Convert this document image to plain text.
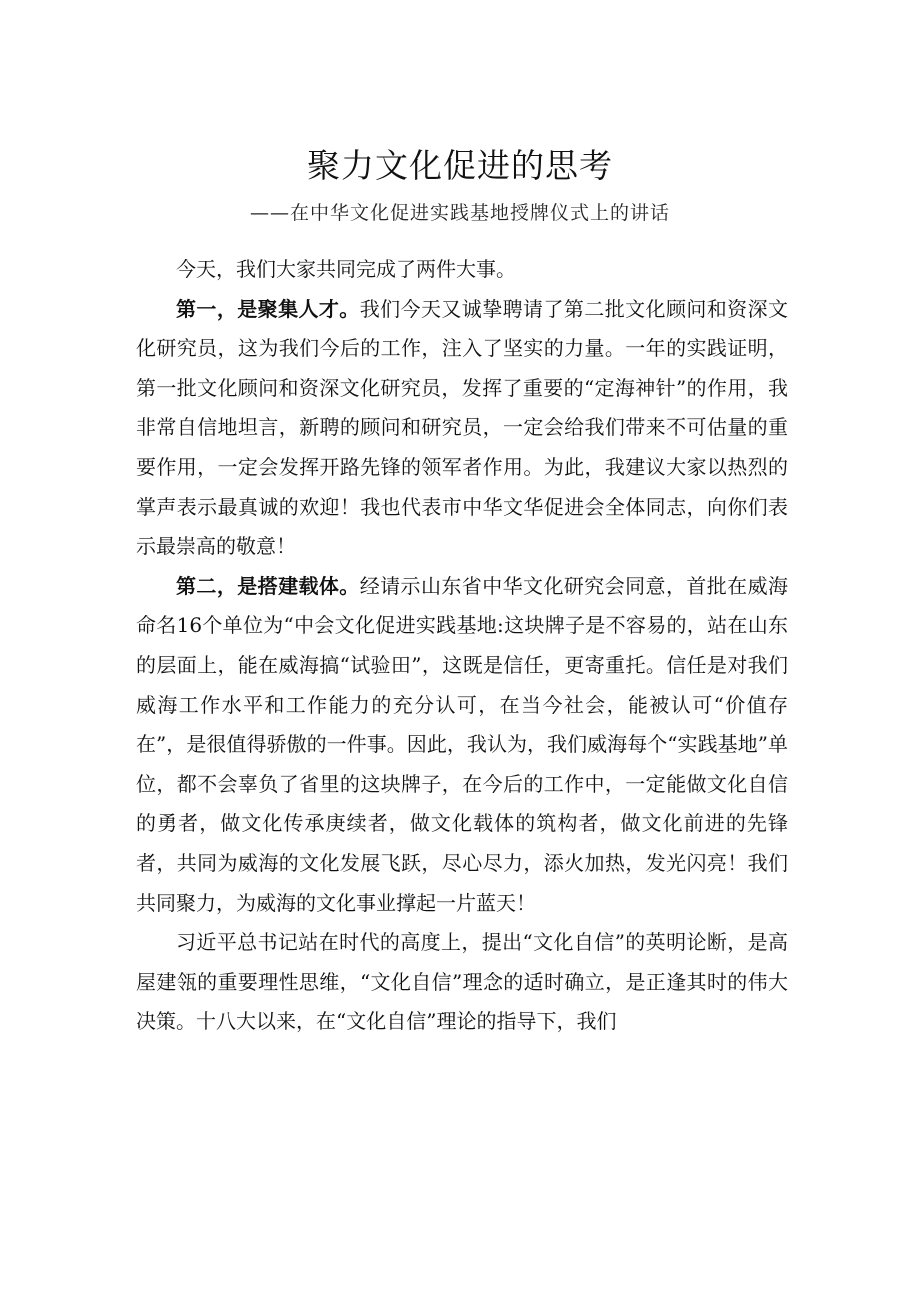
聚力文化促进的思考
——在中华文化促进实践基地授牌仪式上的讲话

今天，我们大家共同完成了两件大事。

第一，是聚集人才。我们今天又诚挚聘请了第二批文化顾问和资深文化研究员，这为我们今后的工作，注入了坚实的力量。一年的实践证明，第一批文化顾问和资深文化研究员，发挥了重要的“定海神针”的作用，我非常自信地坦言，新聘的顾问和研究员，一定会给我们带来不可估量的重要作用，一定会发挥开路先锋的领军者作用。为此，我建议大家以热烈的掌声表示最真诚的欢迎！我也代表市中华文华促进会全体同志，向你们表示最崇高的敬意！

第二，是搭建载体。经请示山东省中华文化研究会同意，首批在威海命名16个单位为“中会文化促进实践基地:这块牌子是不容易的，站在山东的层面上，能在威海搞“试验田”，这既是信任，更寄重托。信任是对我们威海工作水平和工作能力的充分认可，在当今社会，能被认可“价值存在”，是很值得骄傲的一件事。因此，我认为，我们威海每个“实践基地”单位，都不会辜负了省里的这块牌子，在今后的工作中，一定能做文化自信的勇者，做文化传承庚续者，做文化载体的筑构者，做文化前进的先锋者，共同为威海的文化发展飞跃，尽心尽力，添火加热，发光闪亮！我们共同聚力，为威海的文化事业撑起一片蓝天！

习近平总书记站在时代的高度上，提出“文化自信”的英明论断，是高屋建瓴的重要理性思维，“文化自信”理念的适时确立，是正逢其时的伟大决策。十八大以来，在“文化自信”理论的指导下，我们
